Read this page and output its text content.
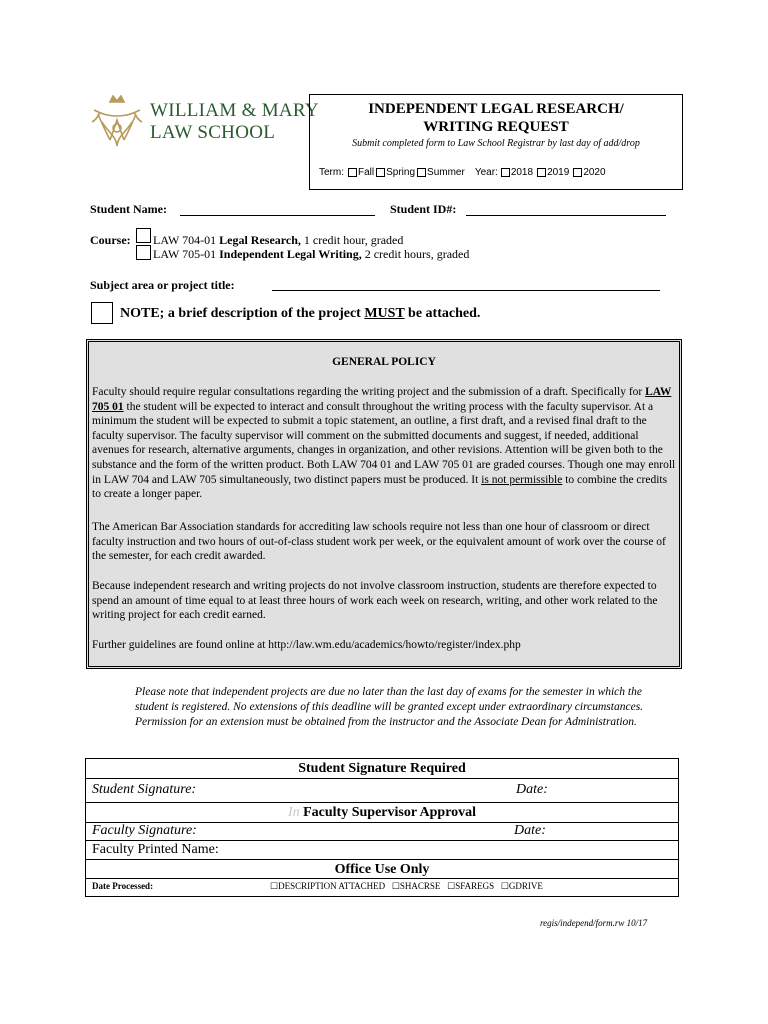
WILLIAM & MARY
LAW SCHOOL
INDEPENDENT LEGAL RESEARCH/
WRITING REQUEST
Submit completed form to Law School Registrar by last day of add/drop
Term: Fall Spring Summer Year: 2018 2019 2020
Student Name:	Student ID#:
Course: LAW 704-01 Legal Research, 1 credit hour, graded
LAW 705-01 Independent Legal Writing, 2 credit hours, graded
Subject area or project title:
NOTE; a brief description of the project MUST be attached.
GENERAL POLICY

Faculty should require regular consultations regarding the writing project and the submission of a draft. Specifically for LAW 705 01 the student will be expected to interact and consult throughout the writing process with the faculty supervisor. At a minimum the student will be expected to submit a topic statement, an outline, a first draft, and a revised final draft to the faculty supervisor. The faculty supervisor will comment on the submitted documents and suggest, if needed, additional avenues for research, alternative arguments, changes in organization, and other revisions. Attention will be given both to the substance and the form of the written product. Both LAW 704 01 and LAW 705 01 are graded courses. Though one may enroll in LAW 704 and LAW 705 simultaneously, two distinct papers must be produced. It is not permissible to combine the credits to create a longer paper.

The American Bar Association standards for accrediting law schools require not less than one hour of classroom or direct faculty instruction and two hours of out-of-class student work per week, or the equivalent amount of work over the course of the semester, for each credit awarded.

Because independent research and writing projects do not involve classroom instruction, students are therefore expected to spend an amount of time equal to at least three hours of work each week on research, writing, and other work related to the writing project for each credit earned.

Further guidelines are found online at http://law.wm.edu/academics/howto/register/index.php

Please note that independent projects are due no later than the last day of exams for the semester in which the student is registered. No extensions of this deadline will be granted except under extraordinary circumstances. Permission for an extension must be obtained from the instructor and the Associate Dean for Administration.
Student Signature Required
Student Signature:	Date:
In Faculty Supervisor Approval
Faculty Signature:	Date:
Faculty Printed Name:
Office Use Only
Date Processed:	☐DESCRIPTION ATTACHED   ☐SHACRSE   ☐SFAREGS   ☐GDRIVE
regis/independ/form.rw 10/17
